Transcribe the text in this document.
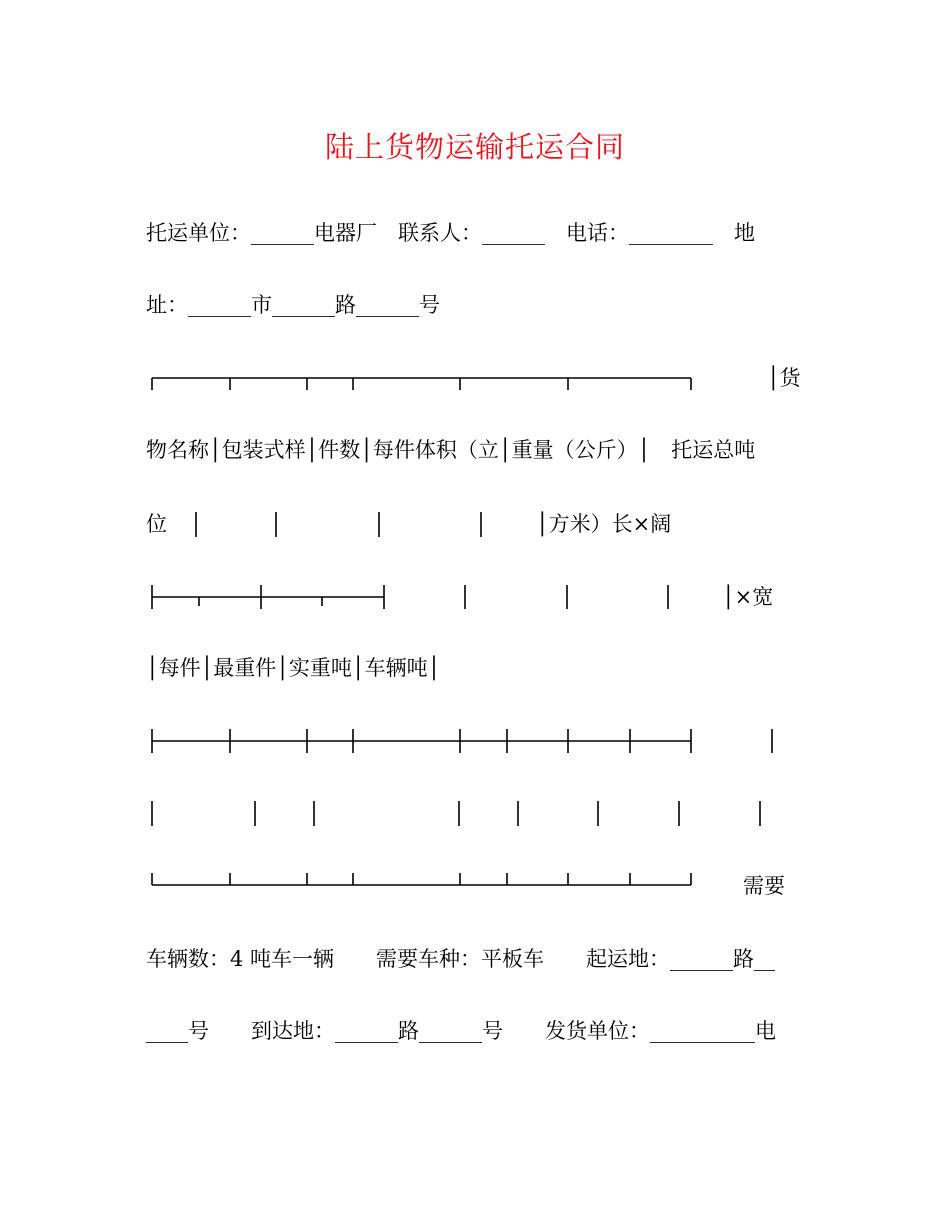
陆上货物运输托运合同
托运单位：______电器厂　联系人：______　电话：________　地
址：______市______路______号
│货
物名称│包装式样│件数│每件体积（立│重量（公斤）│　托运总吨
位	│方米）长×阔
│×宽
│每件│最重件│实重吨│车辆吨│
需要
车辆数：4 吨车一辆　　需要车种：平板车　　起运地：______路__
____号　　到达地：______路______号　　发货单位：__________电
